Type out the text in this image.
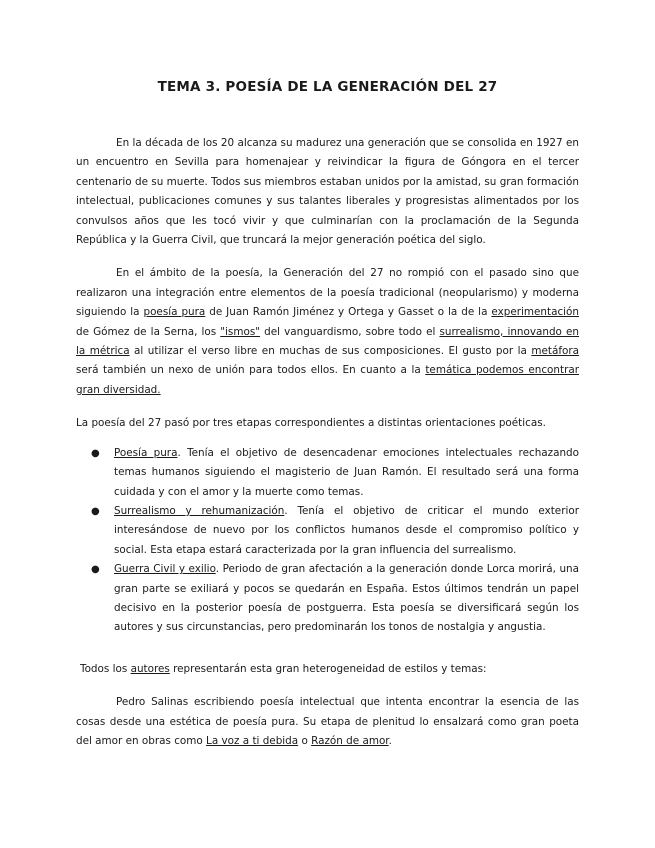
TEMA 3. POESÍA DE LA GENERACIÓN DEL 27

En la década de los 20 alcanza su madurez una generación que se consolida en 1927 en un encuentro en Sevilla para homenajear y reivindicar la figura de Góngora en el tercer centenario de su muerte. Todos sus miembros estaban unidos por la amistad, su gran formación intelectual, publicaciones comunes y sus talantes liberales y progresistas alimentados por los convulsos años que les tocó vivir y que culminarían con la proclamación de la Segunda República y la Guerra Civil, que truncará la mejor generación poética del siglo.

En el ámbito de la poesía, la Generación del 27 no rompió con el pasado sino que realizaron una integración entre elementos de la poesía tradicional (neopularismo) y moderna siguiendo la poesía pura de Juan Ramón Jiménez y Ortega y Gasset o la de la experimentación de Gómez de la Serna, los "ismos" del vanguardismo, sobre todo el surrealismo, innovando en la métrica al utilizar el verso libre en muchas de sus composiciones. El gusto por la metáfora será también un nexo de unión para todos ellos. En cuanto a la temática podemos encontrar gran diversidad.

La poesía del 27 pasó por tres etapas correspondientes a distintas orientaciones poéticas.

● Poesía pura. Tenía el objetivo de desencadenar emociones intelectuales rechazando temas humanos siguiendo el magisterio de Juan Ramón. El resultado será una forma cuidada y con el amor y la muerte como temas.
● Surrealismo y rehumanización. Tenía el objetivo de criticar el mundo exterior interesándose de nuevo por los conflictos humanos desde el compromiso político y social. Esta etapa estará caracterizada por la gran influencia del surrealismo.
● Guerra Civil y exilio. Periodo de gran afectación a la generación donde Lorca morirá, una gran parte se exiliará y pocos se quedarán en España. Estos últimos tendrán un papel decisivo en la posterior poesía de postguerra. Esta poesía se diversificará según los autores y sus circunstancias, pero predominarán los tonos de nostalgia y angustia.

Todos los autores representarán esta gran heterogeneidad de estilos y temas:

Pedro Salinas escribiendo poesía intelectual que intenta encontrar la esencia de las cosas desde una estética de poesía pura. Su etapa de plenitud lo ensalzará como gran poeta del amor en obras como La voz a ti debida o Razón de amor.
